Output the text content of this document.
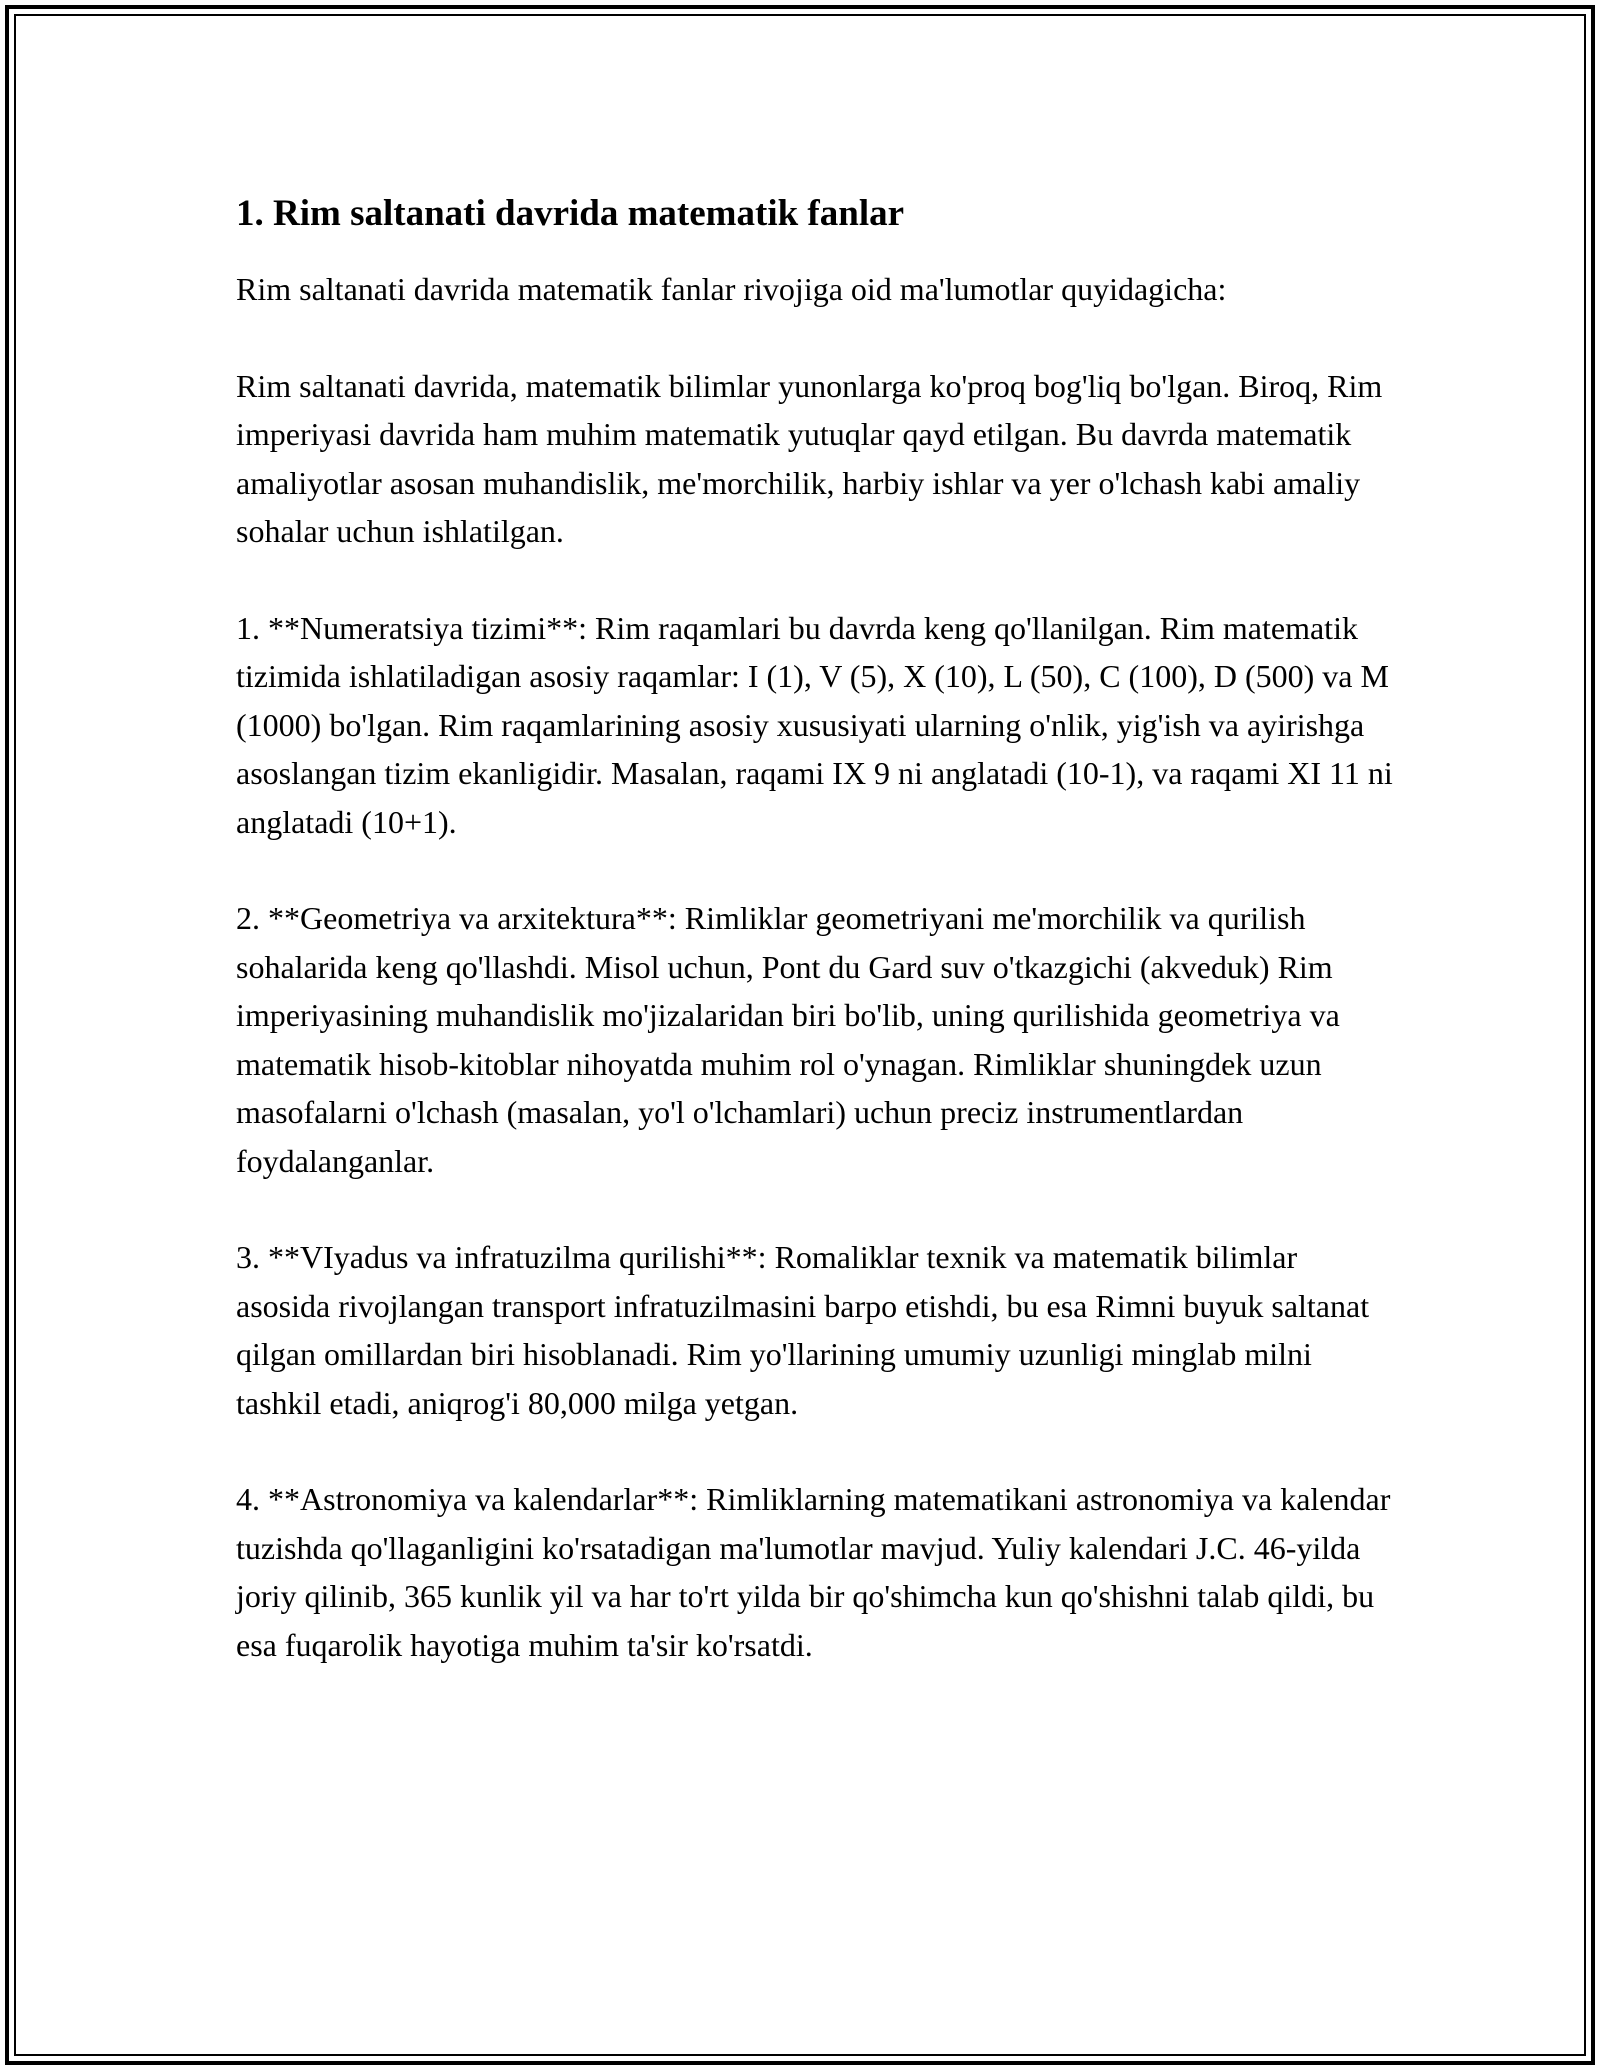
1. Rim saltanati davrida matematik fanlar

Rim saltanati davrida matematik fanlar rivojiga oid ma'lumotlar quyidagicha:

Rim saltanati davrida, matematik bilimlar yunonlarga ko'proq bog'liq bo'lgan. Biroq, Rim imperiyasi davrida ham muhim matematik yutuqlar qayd etilgan. Bu davrda matematik amaliyotlar asosan muhandislik, me'morchilik, harbiy ishlar va yer o'lchash kabi amaliy sohalar uchun ishlatilgan.

1. **Numeratsiya tizimi**: Rim raqamlari bu davrda keng qo'llanilgan. Rim matematik tizimida ishlatiladigan asosiy raqamlar: I (1), V (5), X (10), L (50), C (100), D (500) va M (1000) bo'lgan. Rim raqamlarining asosiy xususiyati ularning o'nlik, yig'ish va ayirishga asoslangan tizim ekanligidir. Masalan, raqami IX 9 ni anglatadi (10-1), va raqami XI 11 ni anglatadi (10+1).

2. **Geometriya va arxitektura**: Rimliklar geometriyani me'morchilik va qurilish sohalarida keng qo'llashdi. Misol uchun, Pont du Gard suv o'tkazgichi (akveduk) Rim imperiyasining muhandislik mo'jizalaridan biri bo'lib, uning qurilishida geometriya va matematik hisob-kitoblar nihoyatda muhim rol o'ynagan. Rimliklar shuningdek uzun masofalarni o'lchash (masalan, yo'l o'lchamlari) uchun preciz instrumentlardan foydalanganlar.

3. **VIyadus va infratuzilma qurilishi**: Romaliklar texnik va matematik bilimlar asosida rivojlangan transport infratuzilmasini barpo etishdi, bu esa Rimni buyuk saltanat qilgan omillardan biri hisoblanadi. Rim yo'llarining umumiy uzunligi minglab milni tashkil etadi, aniqrog'i 80,000 milga yetgan.

4. **Astronomiya va kalendarlar**: Rimliklarning matematikani astronomiya va kalendar tuzishda qo'llaganligini ko'rsatadigan ma'lumotlar mavjud. Yuliy kalendari J.C. 46-yilda joriy qilinib, 365 kunlik yil va har to'rt yilda bir qo'shimcha kun qo'shishni talab qildi, bu esa fuqarolik hayotiga muhim ta'sir ko'rsatdi.
